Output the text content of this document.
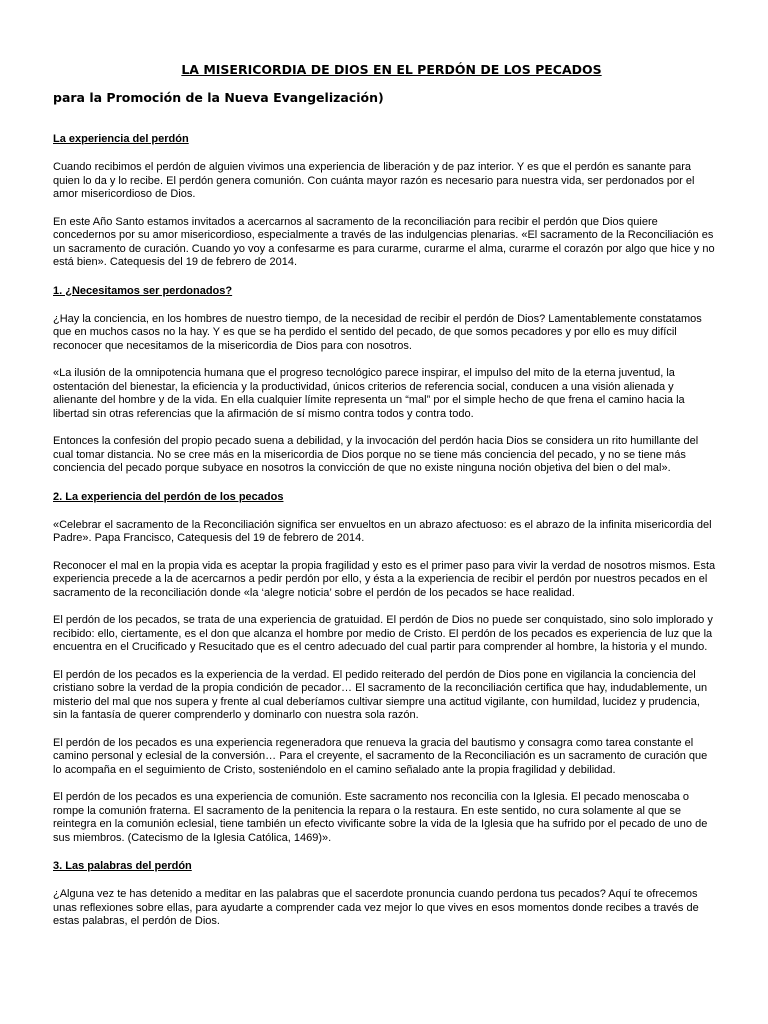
LA MISERICORDIA DE DIOS EN EL PERDÓN DE LOS PECADOS
para la Promoción de la Nueva Evangelización)
La experiencia del perdón

Cuando recibimos el perdón de alguien vivimos una experiencia de liberación y de paz interior. Y es que el perdón es sanante para quien lo da y lo recibe. El perdón genera comunión. Con cuánta mayor razón es necesario para nuestra vida, ser perdonados por el amor misericordioso de Dios.

En este Año Santo estamos invitados a acercarnos al sacramento de la reconciliación para recibir el perdón que Dios quiere concedernos por su amor misericordioso, especialmente a través de las indulgencias plenarias. «El sacramento de la Reconciliación es un sacramento de curación. Cuando yo voy a confesarme es para curarme, curarme el alma, curarme el corazón por algo que hice y no está bien». Catequesis del 19 de febrero de 2014.

1. ¿Necesitamos ser perdonados?

¿Hay la conciencia, en los hombres de nuestro tiempo, de la necesidad de recibir el perdón de Dios? Lamentablemente constatamos que en muchos casos no la hay. Y es que se ha perdido el sentido del pecado, de que somos pecadores y por ello es muy difícil reconocer que necesitamos de la misericordia de Dios para con nosotros.

«La ilusión de la omnipotencia humana que el progreso tecnológico parece inspirar, el impulso del mito de la eterna juventud, la ostentación del bienestar, la eficiencia y la productividad, únicos criterios de referencia social, conducen a una visión alienada y alienante del hombre y de la vida. En ella cualquier límite representa un “mal” por el simple hecho de que frena el camino hacia la libertad sin otras referencias que la afirmación de sí mismo contra todos y contra todo.

Entonces la confesión del propio pecado suena a debilidad, y la invocación del perdón hacia Dios se considera un rito humillante del cual tomar distancia. No se cree más en la misericordia de Dios porque no se tiene más conciencia del pecado, y no se tiene más conciencia del pecado porque subyace en nosotros la convicción de que no existe ninguna noción objetiva del bien o del mal».

2. La experiencia del perdón de los pecados

«Celebrar el sacramento de la Reconciliación significa ser envueltos en un abrazo afectuoso: es el abrazo de la infinita misericordia del Padre». Papa Francisco, Catequesis del 19 de febrero de 2014.

Reconocer el mal en la propia vida es aceptar la propia fragilidad y esto es el primer paso para vivir la verdad de nosotros mismos. Esta experiencia precede a la de acercarnos a pedir perdón por ello, y ésta a la experiencia de recibir el perdón por nuestros pecados en el sacramento de la reconciliación donde «la ‘alegre noticia’ sobre el perdón de los pecados se hace realidad.

El perdón de los pecados, se trata de una experiencia de gratuidad. El perdón de Dios no puede ser conquistado, sino solo implorado y recibido: ello, ciertamente, es el don que alcanza el hombre por medio de Cristo. El perdón de los pecados es experiencia de luz que la encuentra en el Crucificado y Resucitado que es el centro adecuado del cual partir para comprender al hombre, la historia y el mundo.

El perdón de los pecados es la experiencia de la verdad. El pedido reiterado del perdón de Dios pone en vigilancia la conciencia del cristiano sobre la verdad de la propia condición de pecador… El sacramento de la reconciliación certifica que hay, indudablemente, un misterio del mal que nos supera y frente al cual deberíamos cultivar siempre una actitud vigilante, con humildad, lucidez y prudencia, sin la fantasía de querer comprenderlo y dominarlo con nuestra sola razón.

El perdón de los pecados es una experiencia regeneradora que renueva la gracia del bautismo y consagra como tarea constante el camino personal y eclesial de la conversión… Para el creyente, el sacramento de la Reconciliación es un sacramento de curación que lo acompaña en el seguimiento de Cristo, sosteniéndolo en el camino señalado ante la propia fragilidad y debilidad.

El perdón de los pecados es una experiencia de comunión. Este sacramento nos reconcilia con la Iglesia. El pecado menoscaba o rompe la comunión fraterna. El sacramento de la penitencia la repara o la restaura. En este sentido, no cura solamente al que se reintegra en la comunión eclesial, tiene también un efecto vivificante sobre la vida de la Iglesia que ha sufrido por el pecado de uno de sus miembros. (Catecismo de la Iglesia Católica, 1469)».

3. Las palabras del perdón

¿Alguna vez te has detenido a meditar en las palabras que el sacerdote pronuncia cuando perdona tus pecados? Aquí te ofrecemos unas reflexiones sobre ellas, para ayudarte a comprender cada vez mejor lo que vives en esos momentos donde recibes a través de estas palabras, el perdón de Dios.
